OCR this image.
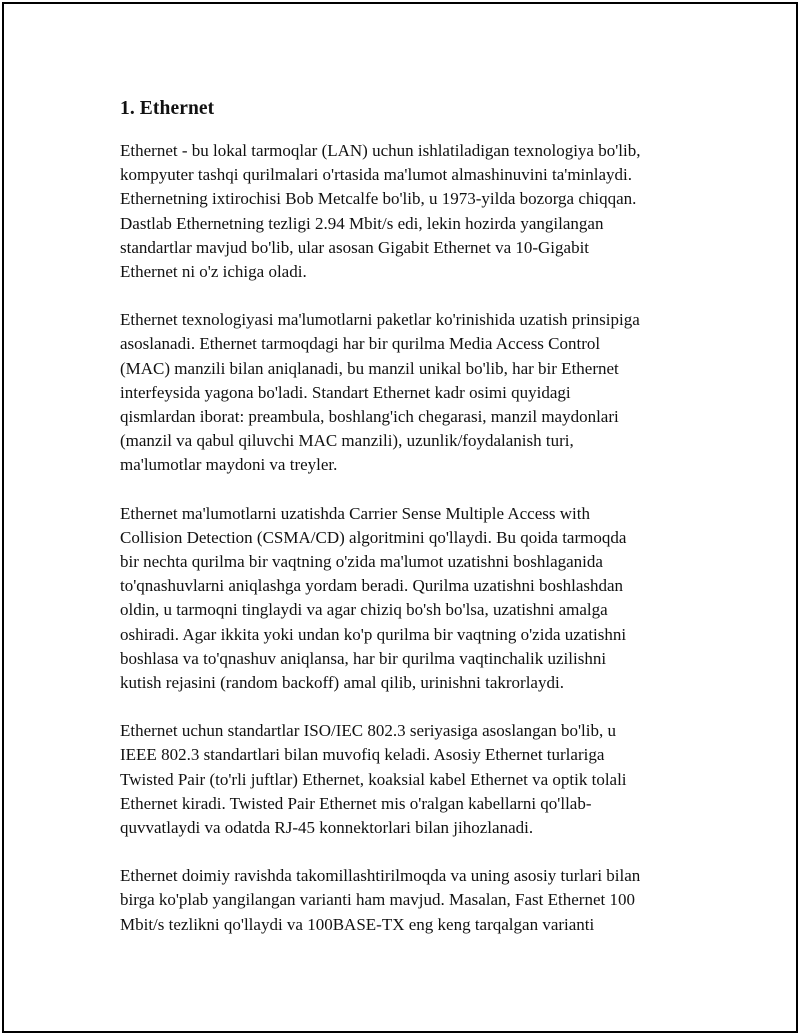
1. Ethernet

Ethernet - bu lokal tarmoqlar (LAN) uchun ishlatiladigan texnologiya bo'lib,
kompyuter tashqi qurilmalari o'rtasida ma'lumot almashinuvini ta'minlaydi.
Ethernetning ixtirochisi Bob Metcalfe bo'lib, u 1973-yilda bozorga chiqqan.
Dastlab Ethernetning tezligi 2.94 Mbit/s edi, lekin hozirda yangilangan
standartlar mavjud bo'lib, ular asosan Gigabit Ethernet va 10-Gigabit
Ethernet ni o'z ichiga oladi.

Ethernet texnologiyasi ma'lumotlarni paketlar ko'rinishida uzatish prinsipiga
asoslanadi. Ethernet tarmoqdagi har bir qurilma Media Access Control
(MAC) manzili bilan aniqlanadi, bu manzil unikal bo'lib, har bir Ethernet
interfeysida yagona bo'ladi. Standart Ethernet kadr osimi quyidagi
qismlardan iborat: preambula, boshlang'ich chegarasi, manzil maydonlari
(manzil va qabul qiluvchi MAC manzili), uzunlik/foydalanish turi,
ma'lumotlar maydoni va treyler.

Ethernet ma'lumotlarni uzatishda Carrier Sense Multiple Access with
Collision Detection (CSMA/CD) algoritmini qo'llaydi. Bu qoida tarmoqda
bir nechta qurilma bir vaqtning o'zida ma'lumot uzatishni boshlaganida
to'qnashuvlarni aniqlashga yordam beradi. Qurilma uzatishni boshlashdan
oldin, u tarmoqni tinglaydi va agar chiziq bo'sh bo'lsa, uzatishni amalga
oshiradi. Agar ikkita yoki undan ko'p qurilma bir vaqtning o'zida uzatishni
boshlasa va to'qnashuv aniqlansa, har bir qurilma vaqtinchalik uzilishni
kutish rejasini (random backoff) amal qilib, urinishni takrorlaydi.

Ethernet uchun standartlar ISO/IEC 802.3 seriyasiga asoslangan bo'lib, u
IEEE 802.3 standartlari bilan muvofiq keladi. Asosiy Ethernet turlariga
Twisted Pair (to'rli juftlar) Ethernet, koaksial kabel Ethernet va optik tolali
Ethernet kiradi. Twisted Pair Ethernet mis o'ralgan kabellarni qo'llab-
quvvatlaydi va odatda RJ-45 konnektorlari bilan jihozlanadi.

Ethernet doimiy ravishda takomillashtirilmoqda va uning asosiy turlari bilan
birga ko'plab yangilangan varianti ham mavjud. Masalan, Fast Ethernet 100
Mbit/s tezlikni qo'llaydi va 100BASE-TX eng keng tarqalgan varianti
